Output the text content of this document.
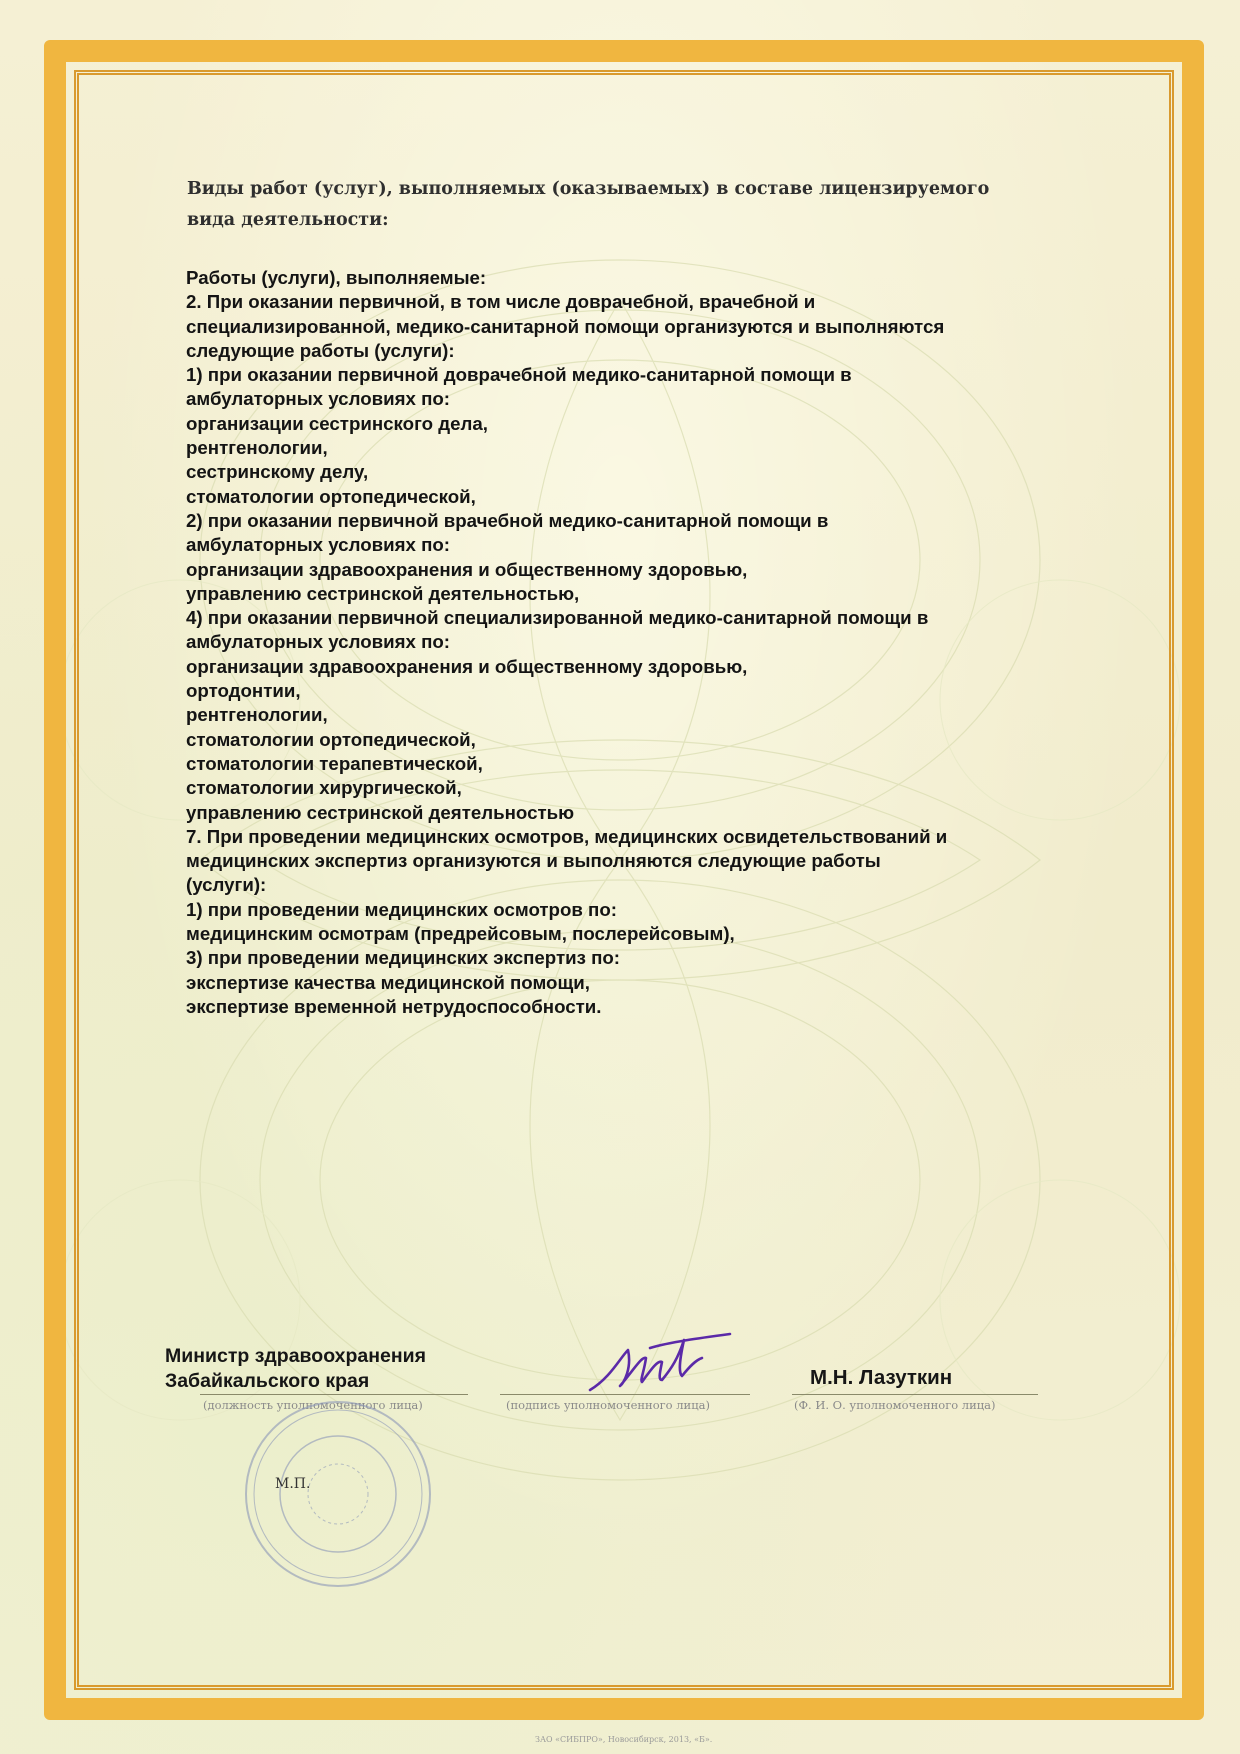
Виды работ (услуг), выполняемых (оказываемых) в составе лицензируемого
вида деятельности:

Работы (услуги), выполняемые:
2. При оказании первичной, в том числе доврачебной, врачебной и
специализированной, медико-санитарной помощи организуются и выполняются
следующие работы (услуги):
1) при оказании первичной доврачебной медико-санитарной помощи в
амбулаторных условиях по:
организации сестринского дела,
рентгенологии,
сестринскому делу,
стоматологии ортопедической,
2) при оказании первичной врачебной медико-санитарной помощи в
амбулаторных условиях по:
организации здравоохранения и общественному здоровью,
управлению сестринской деятельностью,
4) при оказании первичной специализированной медико-санитарной помощи в
амбулаторных условиях по:
организации здравоохранения и общественному здоровью,
ортодонтии,
рентгенологии,
стоматологии ортопедической,
стоматологии терапевтической,
стоматологии хирургической,
управлению сестринской деятельностью
7. При проведении медицинских осмотров, медицинских освидетельствований и
медицинских экспертиз организуются и выполняются следующие работы
(услуги):
1) при проведении медицинских осмотров по:
медицинским осмотрам (предрейсовым, послерейсовым),
3) при проведении медицинских экспертиз по:
экспертизе качества медицинской помощи,
экспертизе временной нетрудоспособности.
Министр здравоохранения
Забайкальского края	М.Н. Лазуткин
(должность уполномоченного лица)	(подпись уполномоченного лица)	(Ф. И. О. уполномоченного лица)
М.П.
ЗАО «СИБПРО», Новосибирск, 2013, «Б».
